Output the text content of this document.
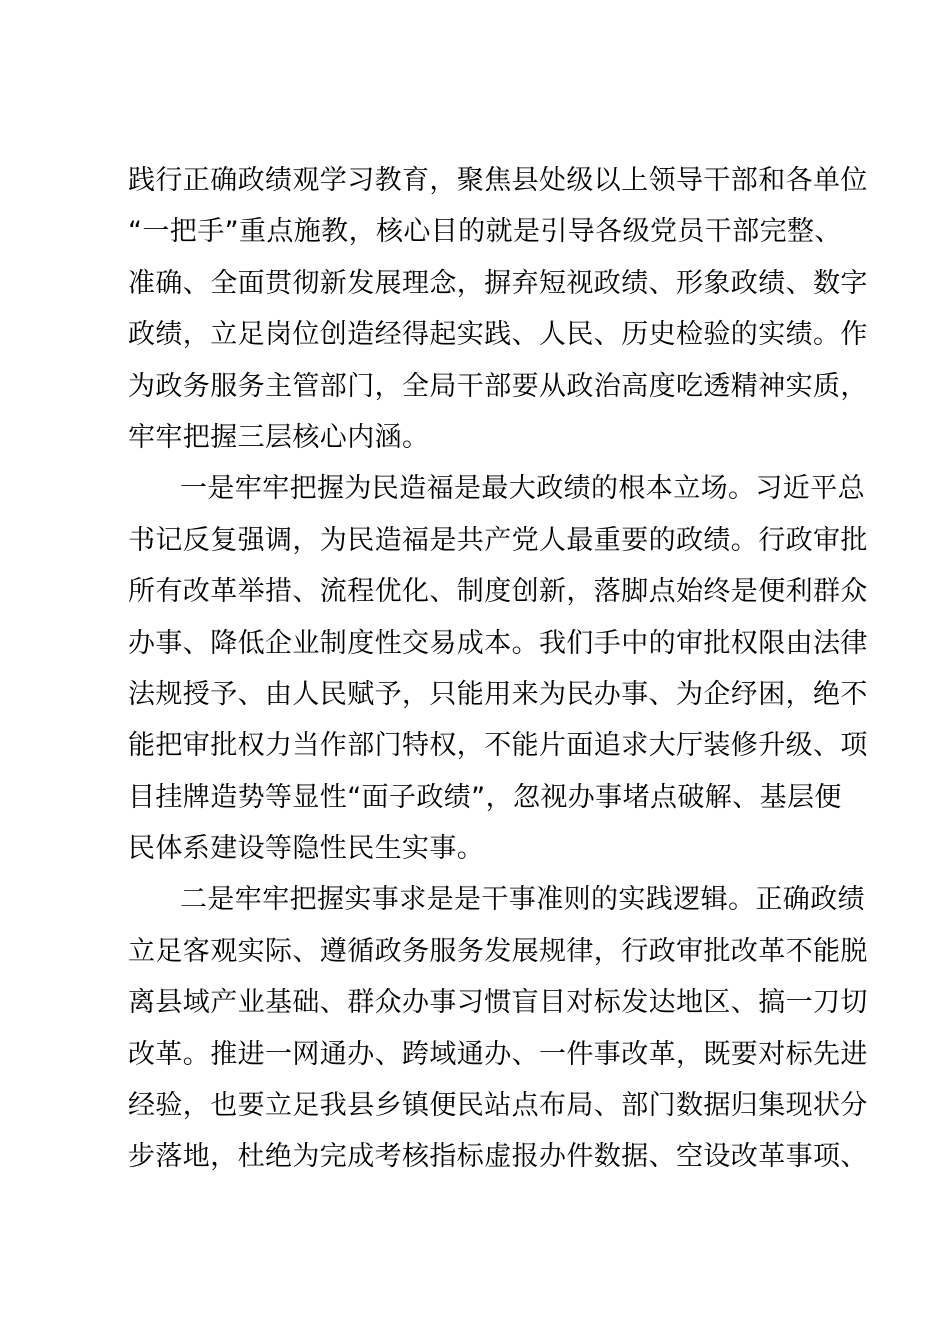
践行正确政绩观学习教育，聚焦县处级以上领导干部和各单位
“一把手”重点施教，核心目的就是引导各级党员干部完整、
准确、全面贯彻新发展理念，摒弃短视政绩、形象政绩、数字
政绩，立足岗位创造经得起实践、人民、历史检验的实绩。作
为政务服务主管部门，全局干部要从政治高度吃透精神实质，
牢牢把握三层核心内涵。
一是牢牢把握为民造福是最大政绩的根本立场。习近平总
书记反复强调，为民造福是共产党人最重要的政绩。行政审批
所有改革举措、流程优化、制度创新，落脚点始终是便利群众
办事、降低企业制度性交易成本。我们手中的审批权限由法律
法规授予、由人民赋予，只能用来为民办事、为企纾困，绝不
能把审批权力当作部门特权，不能片面追求大厅装修升级、项
目挂牌造势等显性“面子政绩”，忽视办事堵点破解、基层便
民体系建设等隐性民生实事。
二是牢牢把握实事求是是干事准则的实践逻辑。正确政绩
立足客观实际、遵循政务服务发展规律，行政审批改革不能脱
离县域产业基础、群众办事习惯盲目对标发达地区、搞一刀切
改革。推进一网通办、跨域通办、一件事改革，既要对标先进
经验，也要立足我县乡镇便民站点布局、部门数据归集现状分
步落地，杜绝为完成考核指标虚报办件数据、空设改革事项、
